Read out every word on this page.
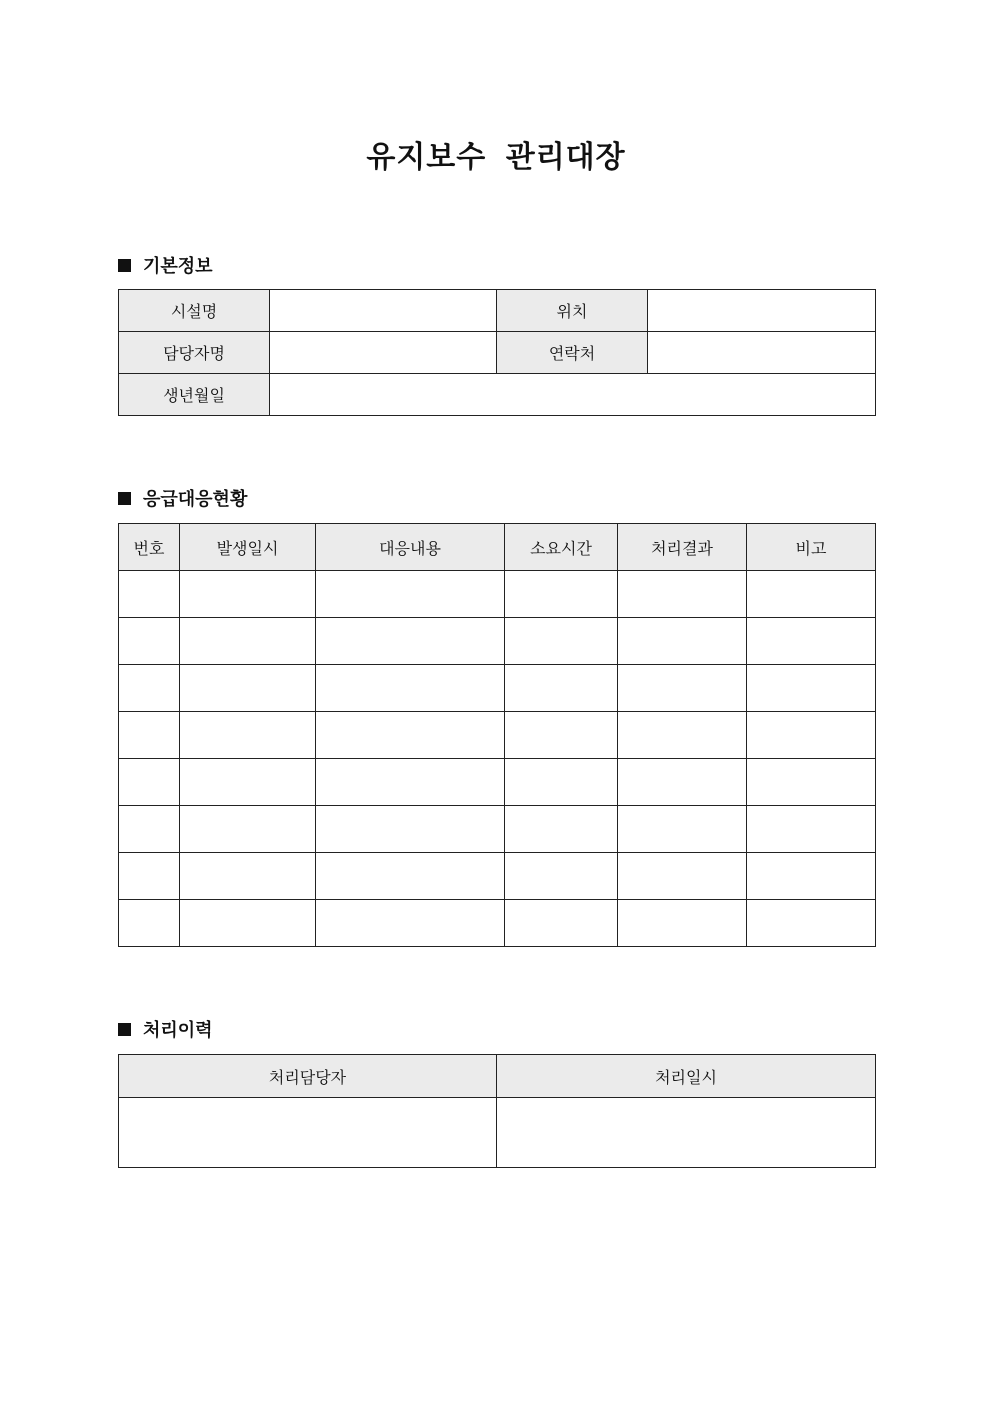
유지보수 관리대장
기본정보
시설명		위치	
담당자명		연락처	
생년월일			
응급대응현황
번호	발생일시	대응내용	소요시간	처리결과	비고

처리이력
처리담당자	처리일시
